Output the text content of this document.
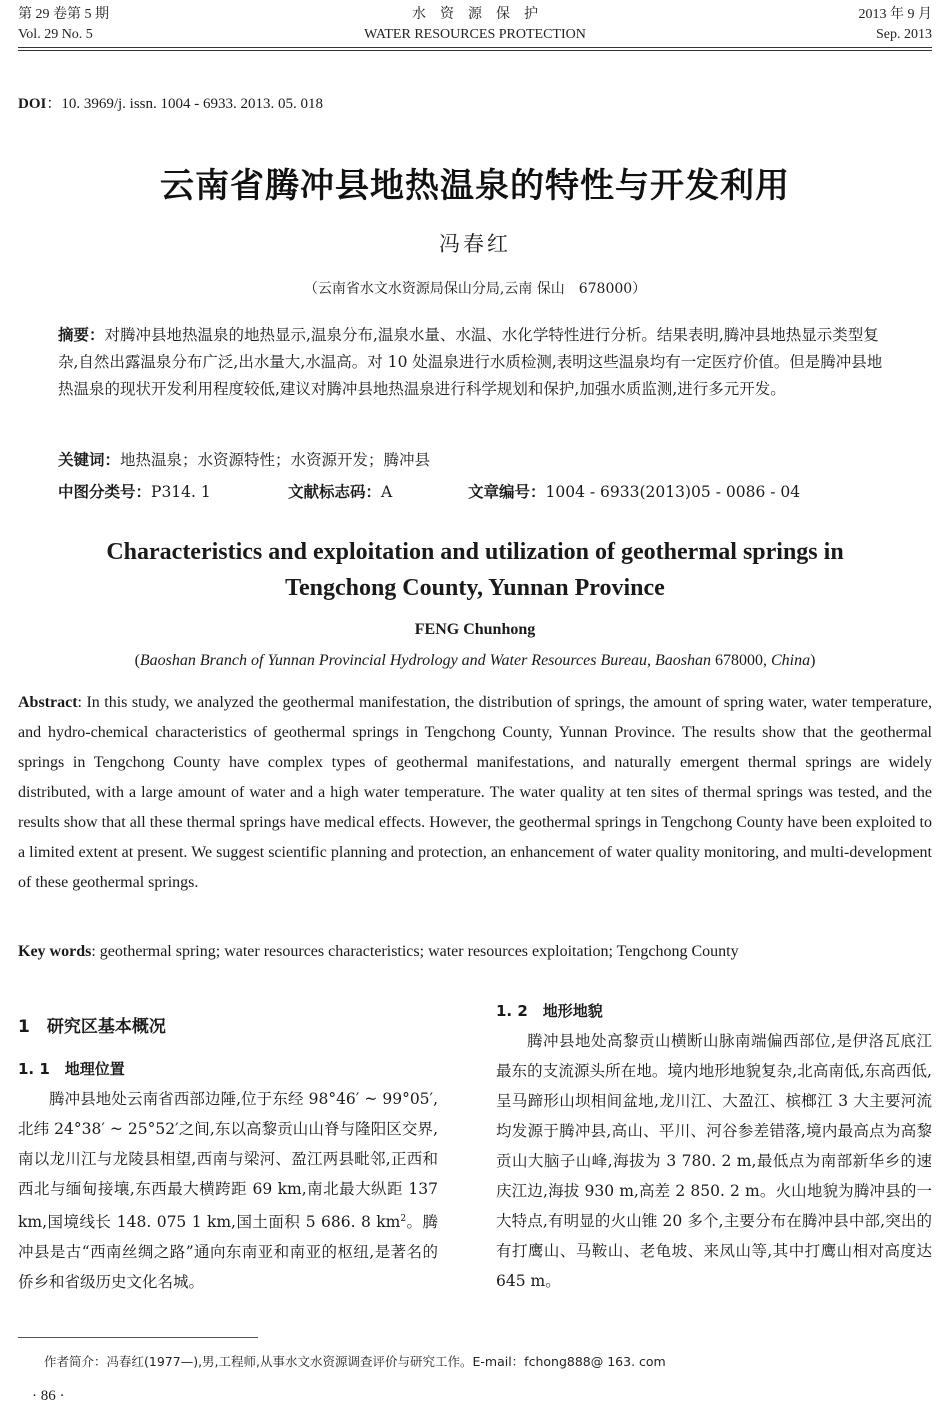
第 29 卷第 5 期
Vol. 29 No. 5
水　资　源　保　护
WATER RESOURCES PROTECTION
2013 年 9 月
Sep. 2013
DOI：10. 3969/j. issn. 1004 - 6933. 2013. 05. 018
云南省腾冲县地热温泉的特性与开发利用
冯春红
（云南省水文水资源局保山分局,云南 保山　678000）
摘要：对腾冲县地热温泉的地热显示,温泉分布,温泉水量、水温、水化学特性进行分析。结果表明,腾冲县地热显示类型复杂,自然出露温泉分布广泛,出水量大,水温高。对 10 处温泉进行水质检测,表明这些温泉均有一定医疗价值。但是腾冲县地热温泉的现状开发利用程度较低,建议对腾冲县地热温泉进行科学规划和保护,加强水质监测,进行多元开发。
关键词：地热温泉；水资源特性；水资源开发；腾冲县
中图分类号：P314. 1	文献标志码：A	文章编号：1004 - 6933(2013)05 - 0086 - 04
Characteristics and exploitation and utilization of geothermal springs in
Tengchong County, Yunnan Province
FENG Chunhong
(Baoshan Branch of Yunnan Provincial Hydrology and Water Resources Bureau, Baoshan 678000, China)
Abstract: In this study, we analyzed the geothermal manifestation, the distribution of springs, the amount of spring water, water temperature, and hydro-chemical characteristics of geothermal springs in Tengchong County, Yunnan Province. The results show that the geothermal springs in Tengchong County have complex types of geothermal manifestations, and naturally emergent thermal springs are widely distributed, with a large amount of water and a high water temperature. The water quality at ten sites of thermal springs was tested, and the results show that all these thermal springs have medical effects. However, the geothermal springs in Tengchong County have been exploited to a limited extent at present. We suggest scientific planning and protection, an enhancement of water quality monitoring, and multi-development of these geothermal springs.
Key words: geothermal spring; water resources characteristics; water resources exploitation; Tengchong County
1　研究区基本概况
1. 1　地理位置

腾冲县地处云南省西部边陲,位于东经 98°46′ ~ 99°05′,北纬 24°38′ ~ 25°52′之间,东以高黎贡山山脊与隆阳区交界,南以龙川江与龙陵县相望,西南与梁河、盈江两县毗邻,正西和西北与缅甸接壤,东西最大横跨距 69 km,南北最大纵距 137 km,国境线长 148. 075 1 km,国土面积 5 686. 8 $km^2$。腾冲县是古“西南丝绸之路”通向东南亚和南亚的枢纽,是著名的侨乡和省级历史文化名城。

1. 2　地形地貌

腾冲县地处高黎贡山横断山脉南端偏西部位,是伊洛瓦底江最东的支流源头所在地。境内地形地貌复杂,北高南低,东高西低,呈马蹄形山坝相间盆地,龙川江、大盈江、槟榔江 3 大主要河流均发源于腾冲县,高山、平川、河谷参差错落,境内最高点为高黎贡山大脑子山峰,海拔为 3 780. 2 m,最低点为南部新华乡的速庆江边,海拔 930 m,高差 2 850. 2 m。火山地貌为腾冲县的一大特点,有明显的火山锥 20 多个,主要分布在腾冲县中部,突出的有打鹰山、马鞍山、老龟坡、来凤山等,其中打鹰山相对高度达 645 m。

作者简介：冯春红(1977—),男,工程师,从事水文水资源调查评价与研究工作。E-mail：fchong888@ 163. com
· 86 ·
